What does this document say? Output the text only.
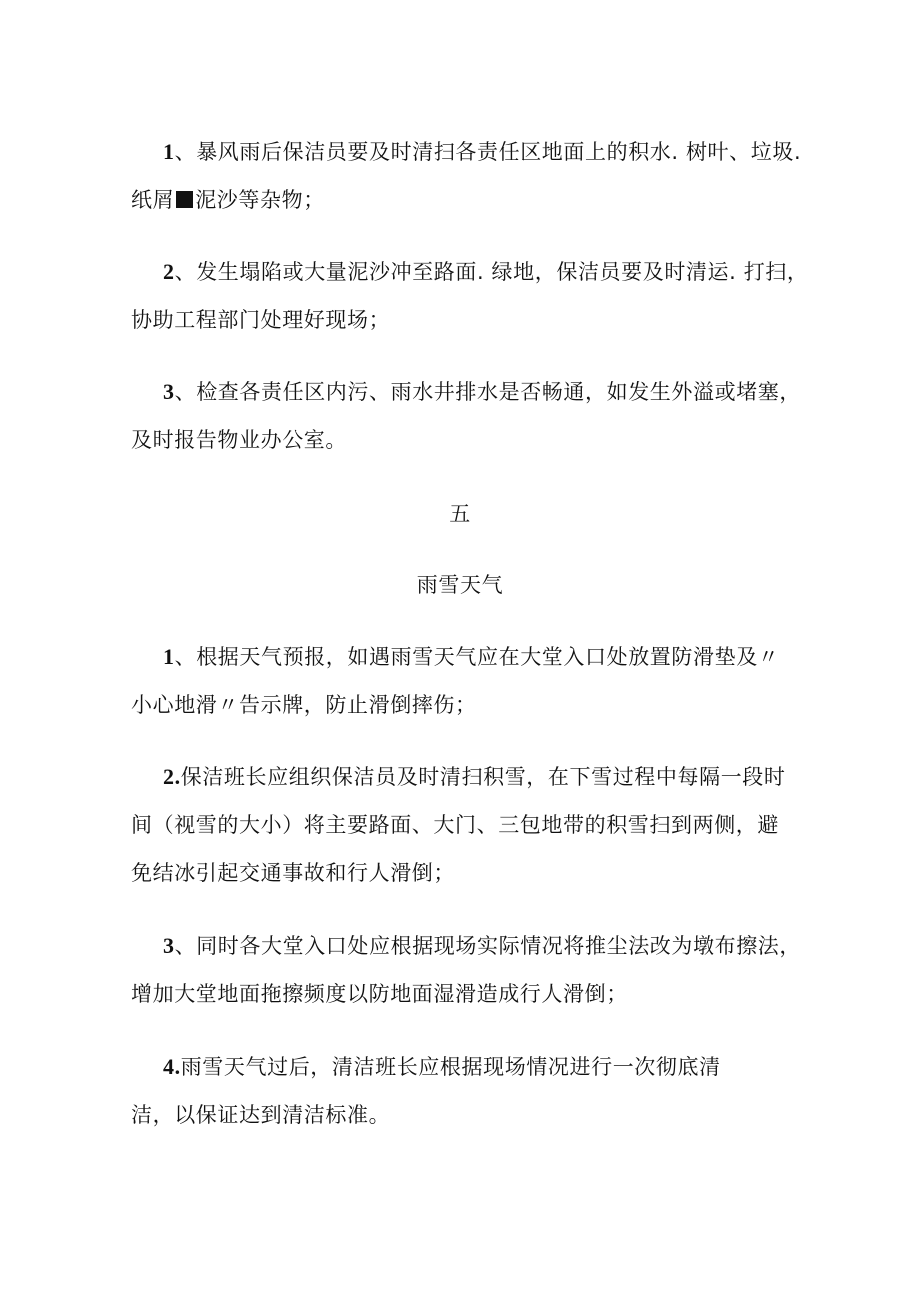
1、暴风雨后保洁员要及时清扫各责任区地面上的积水. 树叶、垃圾.
纸屑 泥沙等杂物；
2、发生塌陷或大量泥沙冲至路面. 绿地，保洁员要及时清运. 打扫，
协助工程部门处理好现场；
3、检查各责任区内污、雨水井排水是否畅通，如发生外溢或堵塞，
及时报告物业办公室。
五
雨雪天气
1、根据天气预报，如遇雨雪天气应在大堂入口处放置防滑垫及〃
小心地滑〃告示牌，防止滑倒摔伤；
2.保洁班长应组织保洁员及时清扫积雪，在下雪过程中每隔一段时
间（视雪的大小）将主要路面、大门、三包地带的积雪扫到两侧，避
免结冰引起交通事故和行人滑倒；
3、同时各大堂入口处应根据现场实际情况将推尘法改为墩布擦法，
增加大堂地面拖擦频度以防地面湿滑造成行人滑倒；
4.雨雪天气过后，清洁班长应根据现场情况进行一次彻底清
洁，以保证达到清洁标准。
